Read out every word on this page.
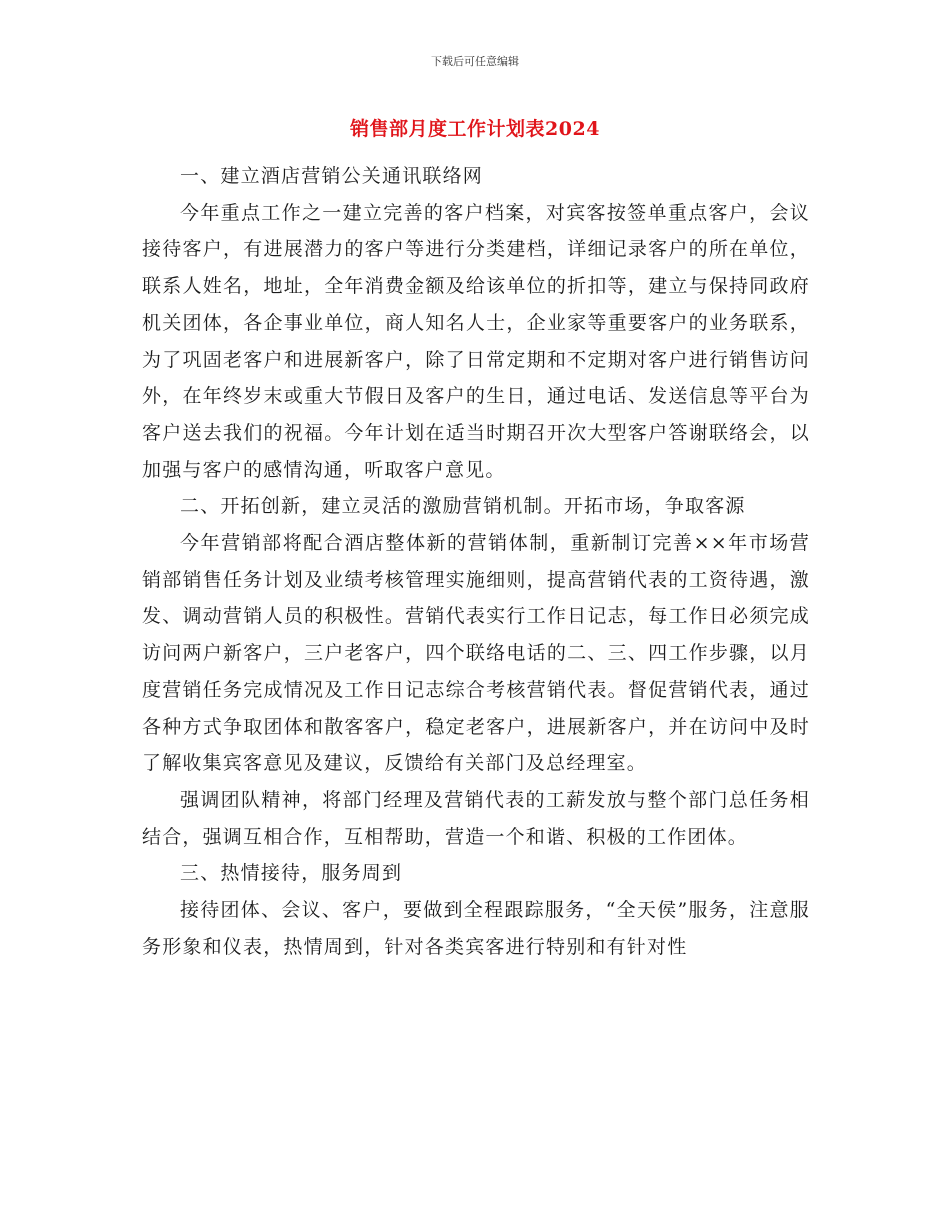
下载后可任意编辑
销售部月度工作计划表2024

一、建立酒店营销公关通讯联络网

今年重点工作之一建立完善的客户档案，对宾客按签单重点客户，会议接待客户，有进展潜力的客户等进行分类建档，详细记录客户的所在单位，联系人姓名，地址，全年消费金额及给该单位的折扣等，建立与保持同政府机关团体，各企事业单位，商人知名人士，企业家等重要客户的业务联系，为了巩固老客户和进展新客户，除了日常定期和不定期对客户进行销售访问外，在年终岁末或重大节假日及客户的生日，通过电话、发送信息等平台为客户送去我们的祝福。今年计划在适当时期召开次大型客户答谢联络会，以加强与客户的感情沟通，听取客户意见。

二、开拓创新，建立灵活的激励营销机制。开拓市场，争取客源

今年营销部将配合酒店整体新的营销体制，重新制订完善××年市场营销部销售任务计划及业绩考核管理实施细则，提高营销代表的工资待遇，激发、调动营销人员的积极性。营销代表实行工作日记志，每工作日必须完成访问两户新客户，三户老客户，四个联络电话的二、三、四工作步骤，以月度营销任务完成情况及工作日记志综合考核营销代表。督促营销代表，通过各种方式争取团体和散客客户，稳定老客户，进展新客户，并在访问中及时了解收集宾客意见及建议，反馈给有关部门及总经理室。

强调团队精神，将部门经理及营销代表的工薪发放与整个部门总任务相结合，强调互相合作，互相帮助，营造一个和谐、积极的工作团体。

三、热情接待，服务周到

接待团体、会议、客户，要做到全程跟踪服务，“全天侯”服务，注意服务形象和仪表，热情周到，针对各类宾客进行特别和有针对性
